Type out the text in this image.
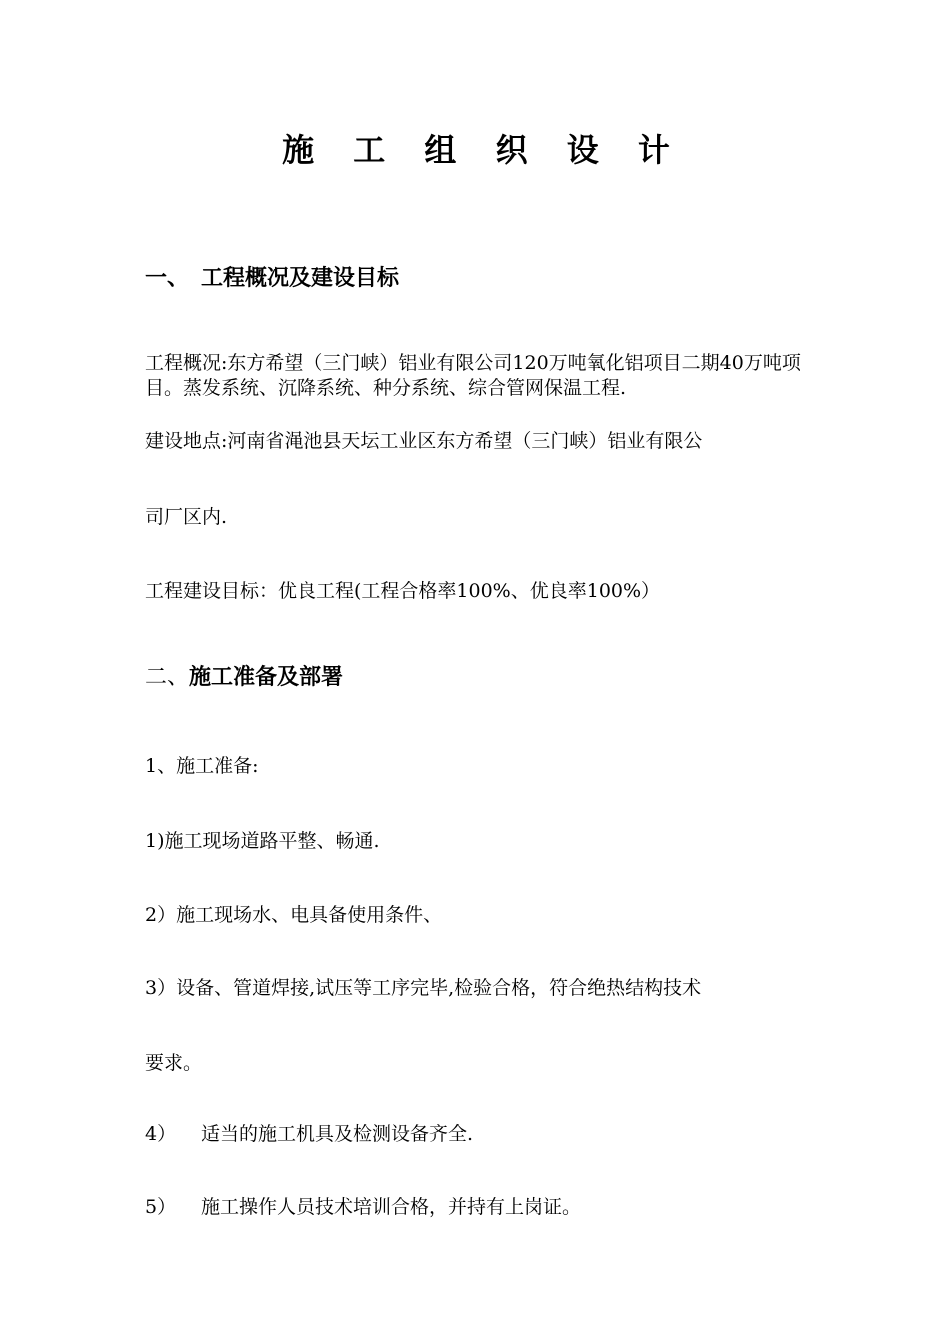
施 工 组 织 设 计
一、 工程概况及建设目标
工程概况:东方希望（三门峡）铝业有限公司120万吨氧化铝项目二期40万吨项目。蒸发系统、沉降系统、种分系统、综合管网保温工程.
建设地点:河南省渑池县天坛工业区东方希望（三门峡）铝业有限公
司厂区内.
工程建设目标：优良工程(工程合格率100%、优良率100%）
二、施工准备及部署
1、施工准备:
1)施工现场道路平整、畅通.
2）施工现场水、电具备使用条件、
3）设备、管道焊接,试压等工序完毕,检验合格，符合绝热结构技术
要求。
4） 适当的施工机具及检测设备齐全.
5） 施工操作人员技术培训合格，并持有上岗证。
